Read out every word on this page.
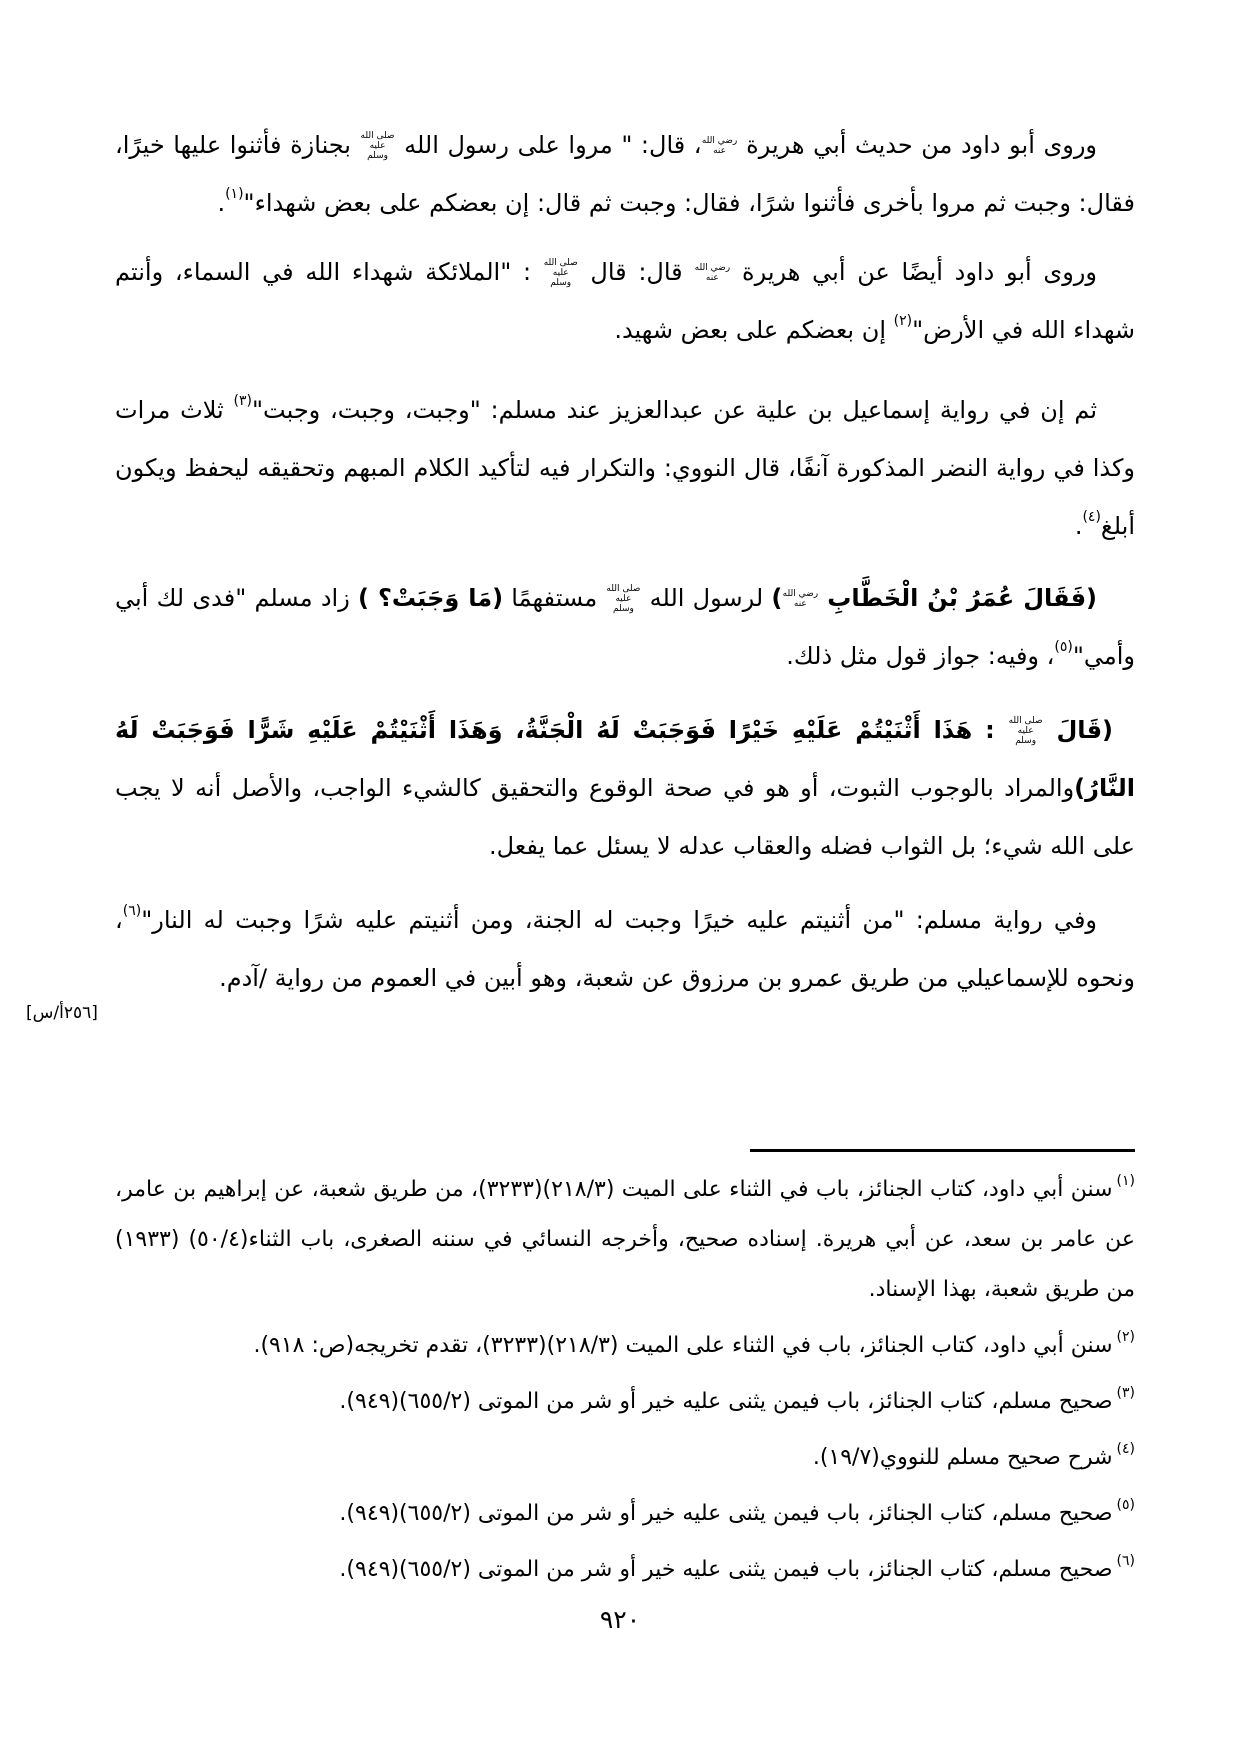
[٢٥٦أ/س]

وروى أبو داود من حديث أبي هريرة رضي الله عنه، قال: " مروا على رسول الله صلى الله عليه وسلم بجنازة فأثنوا عليها خيرًا، فقال: وجبت ثم مروا بأخرى فأثنوا شرًا، فقال: وجبت ثم قال: إن بعضكم على بعض شهداء"$^{(١)}$.

وروى أبو داود أيضًا عن أبي هريرة رضي الله عنه قال: قال صلى الله عليه وسلم : "الملائكة شهداء الله في السماء، وأنتم شهداء الله في الأرض"$^{(٢)}$ إن بعضكم على بعض شهيد.

ثم إن في رواية إسماعيل بن علية عن عبدالعزيز عند مسلم: "وجبت، وجبت، وجبت"$^{(٣)}$ ثلاث مرات وكذا في رواية النضر المذكورة آنفًا، قال النووي: والتكرار فيه لتأكيد الكلام المبهم وتحقيقه ليحفظ ويكون أبلغ$^{(٤)}$.

(فَقَالَ عُمَرُ بْنُ الْخَطَّابِ رضي الله عنه) لرسول الله صلى الله عليه وسلم مستفهمًا (مَا وَجَبَتْ؟ ) زاد مسلم "فدى لك أبي وأمي"$^{(٥)}$، وفيه: جواز قول مثل ذلك.

(قَالَ صلى الله عليه وسلم : هَذَا أَثْنَيْتُمْ عَلَيْهِ خَيْرًا فَوَجَبَتْ لَهُ الْجَنَّةُ، وَهَذَا أَثْنَيْتُمْ عَلَيْهِ شَرًّا فَوَجَبَتْ لَهُ النَّارُ)والمراد بالوجوب الثبوت، أو هو في صحة الوقوع والتحقيق كالشيء الواجب، والأصل أنه لا يجب على الله شيء؛ بل الثواب فضله والعقاب عدله لا يسئل عما يفعل.

وفي رواية مسلم: "من أثنيتم عليه خيرًا وجبت له الجنة، ومن أثنيتم عليه شرًا وجبت له النار"$^{(٦)}$، ونحوه للإسماعيلي من طريق عمرو بن مرزوق عن شعبة، وهو أبين في العموم من رواية /آدم.

$^{(١)}$سنن أبي داود، كتاب الجنائز، باب في الثناء على الميت (٢١٨/٣)(٣٢٣٣)، من طريق شعبة، عن إبراهيم بن عامر، عن عامر بن سعد، عن أبي هريرة. إسناده صحيح، وأخرجه النسائي في سننه الصغرى، باب الثناء(٥٠/٤) (١٩٣٣) من طريق شعبة، بهذا الإسناد.
$^{(٢)}$سنن أبي داود، كتاب الجنائز، باب في الثناء على الميت (٢١٨/٣)(٣٢٣٣)، تقدم تخريجه(ص: ٩١٨).
$^{(٣)}$صحيح مسلم، كتاب الجنائز، باب فيمن يثنى عليه خير أو شر من الموتى (٦٥٥/٢)(٩٤٩).
$^{(٤)}$شرح صحيح مسلم للنووي(١٩/٧).
$^{(٥)}$صحيح مسلم، كتاب الجنائز، باب فيمن يثنى عليه خير أو شر من الموتى (٦٥٥/٢)(٩٤٩).
$^{(٦)}$صحيح مسلم، كتاب الجنائز، باب فيمن يثنى عليه خير أو شر من الموتى (٦٥٥/٢)(٩٤٩).
٩٢٠
